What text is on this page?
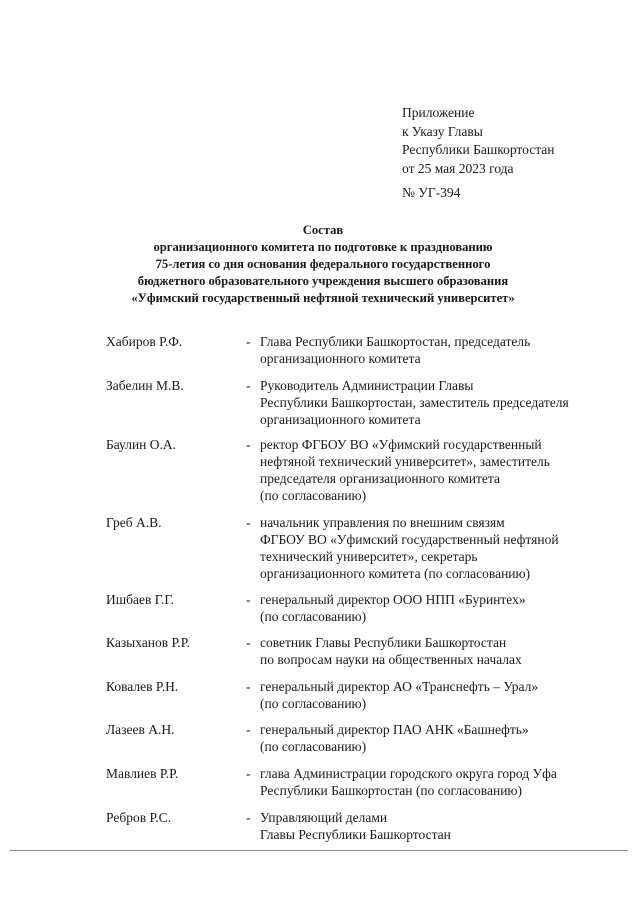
Приложение
к Указу Главы
Республики Башкортостан
от 25 мая 2023 года
№ УГ-394
Состав
организационного комитета по подготовке к празднованию
75-летия со дня основания федерального государственного
бюджетного образовательного учреждения высшего образования
«Уфимский государственный нефтяной технический университет»
Хабиров Р.Ф.	- Глава Республики Башкортостан, председатель
организационного комитета
Забелин М.В.	- Руководитель Администрации Главы
Республики Башкортостан, заместитель председателя
организационного комитета
Баулин О.А.	- ректор ФГБОУ ВО «Уфимский государственный
нефтяной технический университет», заместитель
председателя организационного комитета
(по согласованию)
Греб А.В.	- начальник управления по внешним связям
ФГБОУ ВО «Уфимский государственный нефтяной
технический университет», секретарь
организационного комитета (по согласованию)
Ишбаев Г.Г.	- генеральный директор ООО НПП «Буринтех»
(по согласованию)
Казыханов Р.Р.	- советник Главы Республики Башкортостан
по вопросам науки на общественных началах
Ковалев Р.Н.	- генеральный директор АО «Транснефть – Урал»
(по согласованию)
Лазеев А.Н.	- генеральный директор ПАО АНК «Башнефть»
(по согласованию)
Мавлиев Р.Р.	- глава Администрации городского округа город Уфа
Республики Башкортостан (по согласованию)
Ребров Р.С.	- Управляющий делами
Главы Республики Башкортостан
